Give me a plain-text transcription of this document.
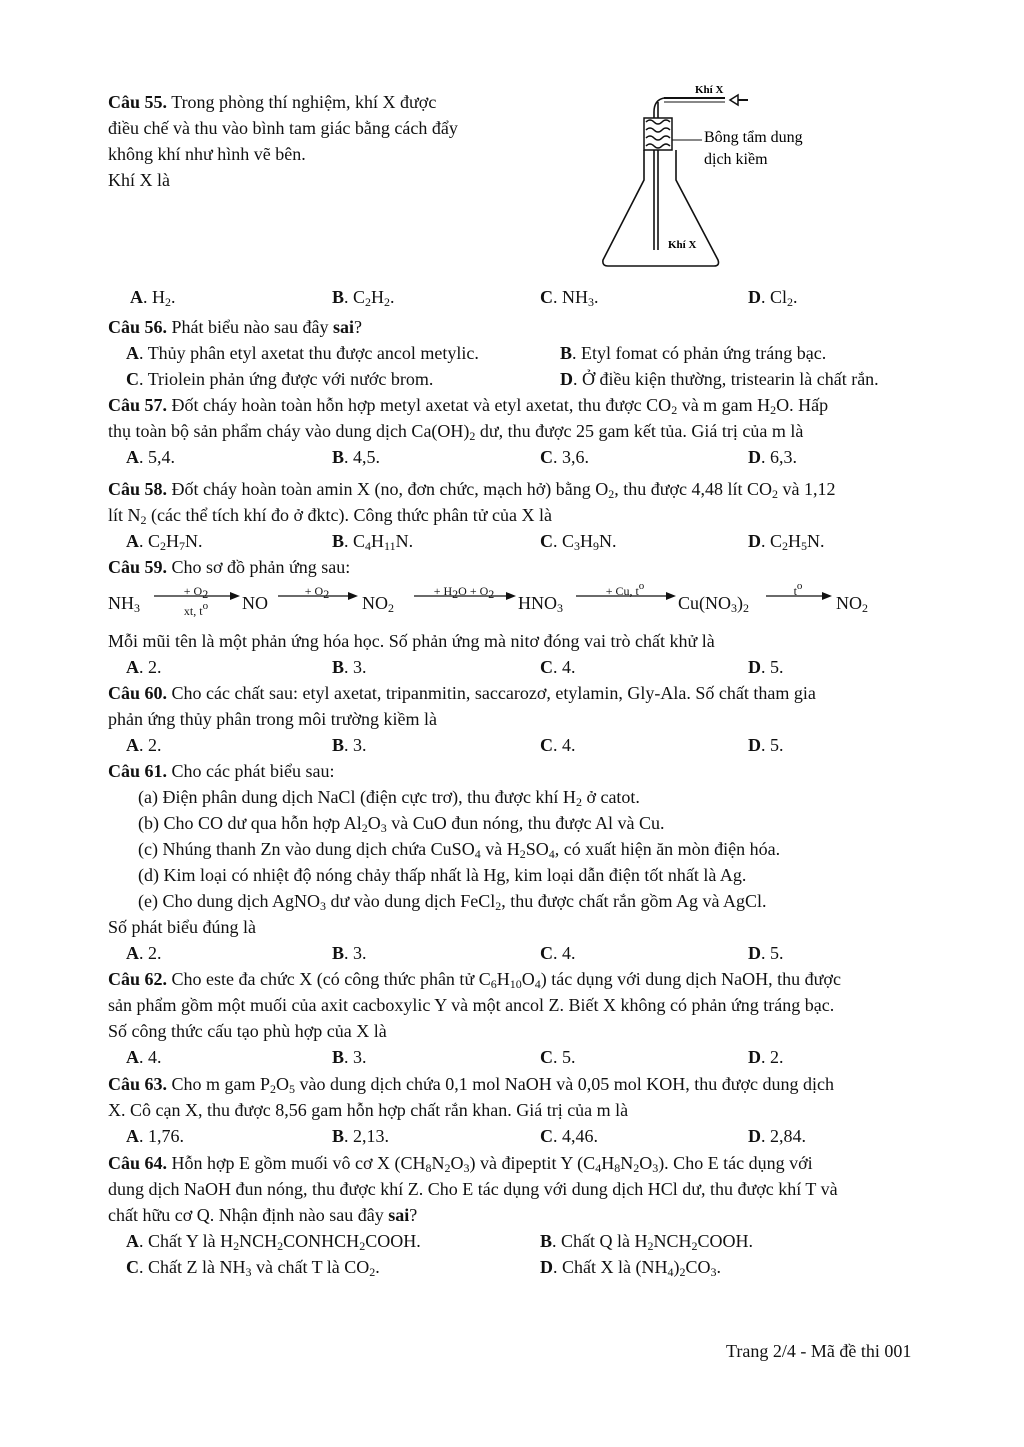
Câu 55. Trong phòng thí nghiệm, khí X được
điều chế và thu vào bình tam giác bằng cách đẩy
không khí như hình vẽ bên.
Khí X là
Khí X
Bông tẩm dung
dịch kiềm
Khí X
A. $H_2$.	B. $C_2H_2$.	C. $NH_3$.	D. $Cl_2$.
Câu 56. Phát biểu nào sau đây sai?
A. Thủy phân etyl axetat thu được ancol metylic.	B. Etyl fomat có phản ứng tráng bạc.
C. Triolein phản ứng được với nước brom.	D. Ở điều kiện thường, tristearin là chất rắn.
Câu 57. Đốt cháy hoàn toàn hỗn hợp metyl axetat và etyl axetat, thu được $CO_2$ và m gam $H_2O$. Hấp
thụ toàn bộ sản phẩm cháy vào dung dịch $Ca(OH)_2$ dư, thu được 25 gam kết tủa. Giá trị của m là
A. 5,4.	B. 4,5.	C. 3,6.	D. 6,3.
Câu 58. Đốt cháy hoàn toàn amin X (no, đơn chức, mạch hở) bằng $O_2$, thu được 4,48 lít $CO_2$ và 1,12
lít $N_2$ (các thể tích khí đo ở đktc). Công thức phân tử của X là
A. $C_2H_7N$.	B. $C_4H_{11}N$.	C. $C_3H_9N$.	D. $C_2H_5N$.
Câu 59. Cho sơ đồ phản ứng sau:
$NH_3$
+ $O_2$
xt, $t^o$	NO
+ $O_2$	$NO_2$
+ $H_2O + O_2$	$HNO_3$
+ Cu, $t^o$
$Cu(NO_3)_2$
$t^o$
$NO_2$
Mỗi mũi tên là một phản ứng hóa học. Số phản ứng mà nitơ đóng vai trò chất khử là
A. 2.	B. 3.	C. 4.	D. 5.
Câu 60. Cho các chất sau: etyl axetat, tripanmitin, saccarozơ, etylamin, Gly-Ala. Số chất tham gia
phản ứng thủy phân trong môi trường kiềm là
A. 2.	B. 3.	C. 4.	D. 5.
Câu 61. Cho các phát biểu sau:
(a) Điện phân dung dịch NaCl (điện cực trơ), thu được khí $H_2$ ở catot.
(b) Cho CO dư qua hỗn hợp $Al_2O_3$ và CuO đun nóng, thu được Al và Cu.
(c) Nhúng thanh Zn vào dung dịch chứa CuSO$_4$ và $H_2SO_4$, có xuất hiện ăn mòn điện hóa.
(d) Kim loại có nhiệt độ nóng chảy thấp nhất là Hg, kim loại dẫn điện tốt nhất là Ag.
(e) Cho dung dịch AgNO$_3$ dư vào dung dịch FeCl$_2$, thu được chất rắn gồm Ag và AgCl.
Số phát biểu đúng là
A. 2.	B. 3.	C. 4.	D. 5.
Câu 62. Cho este đa chức X (có công thức phân tử $C_6H_{10}O_4$) tác dụng với dung dịch NaOH, thu được
sản phẩm gồm một muối của axit cacboxylic Y và một ancol Z. Biết X không có phản ứng tráng bạc.
Số công thức cấu tạo phù hợp của X là
A. 4.	B. 3.	C. 5.	D. 2.
Câu 63. Cho m gam $P_2O_5$ vào dung dịch chứa 0,1 mol NaOH và 0,05 mol KOH, thu được dung dịch
X. Cô cạn X, thu được 8,56 gam hỗn hợp chất rắn khan. Giá trị của m là
A. 1,76.	B. 2,13.	C. 4,46.	D. 2,84.
Câu 64. Hỗn hợp E gồm muối vô cơ X $(CH_8N_2O_3)$ và đipeptit Y $(C_4H_8N_2O_3)$. Cho E tác dụng với
dung dịch NaOH đun nóng, thu được khí Z. Cho E tác dụng với dung dịch HCl dư, thu được khí T và
chất hữu cơ Q. Nhận định nào sau đây sai?
A. Chất Y là $H_2NCH_2CONHCH_2COOH$.	B. Chất Q là $H_2NCH_2COOH$.
C. Chất Z là $NH_3$ và chất T là $CO_2$.	D. Chất X là $(NH_4)_2CO_3$.
Trang 2/4 - Mã đề thi 001
